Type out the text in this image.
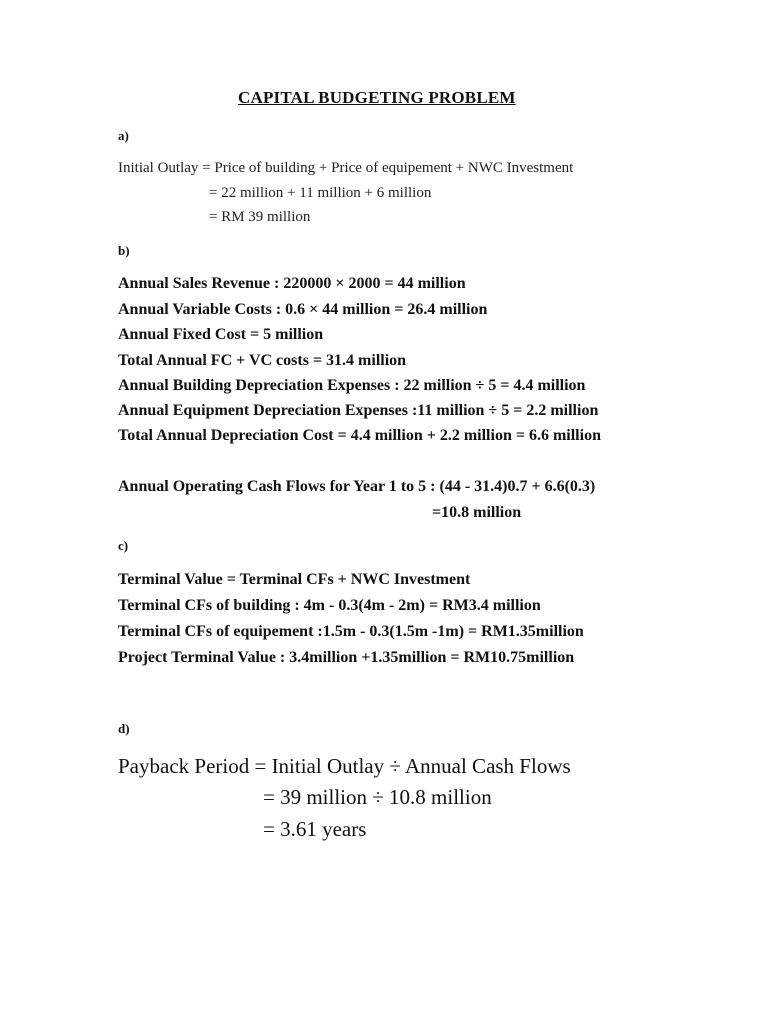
CAPITAL BUDGETING PROBLEM
a)
Initial Outlay = Price of building + Price of equipement + NWC Investment
= 22 million + 11 million + 6 million
= RM 39 million
b)
Annual Sales Revenue : 220000 × 2000 = 44 million
Annual Variable Costs : 0.6 × 44 million = 26.4 million
Annual Fixed Cost = 5 million
Total Annual FC + VC costs = 31.4 million
Annual Building Depreciation Expenses : 22 million ÷ 5 = 4.4 million
Annual Equipment Depreciation Expenses :11 million ÷ 5 = 2.2 million
Total Annual Depreciation Cost = 4.4 million + 2.2 million = 6.6 million
Annual Operating Cash Flows for Year 1 to 5 : (44 - 31.4)0.7 + 6.6(0.3)
=10.8 million
c)
Terminal Value = Terminal CFs + NWC Investment
Terminal CFs of building : 4m - 0.3(4m - 2m) = RM3.4 million
Terminal CFs of equipement :1.5m - 0.3(1.5m -1m) = RM1.35million
Project Terminal Value : 3.4million +1.35million = RM10.75million
d)
Payback Period = Initial Outlay ÷ Annual Cash Flows
= 39 million ÷ 10.8 million
= 3.61 years
